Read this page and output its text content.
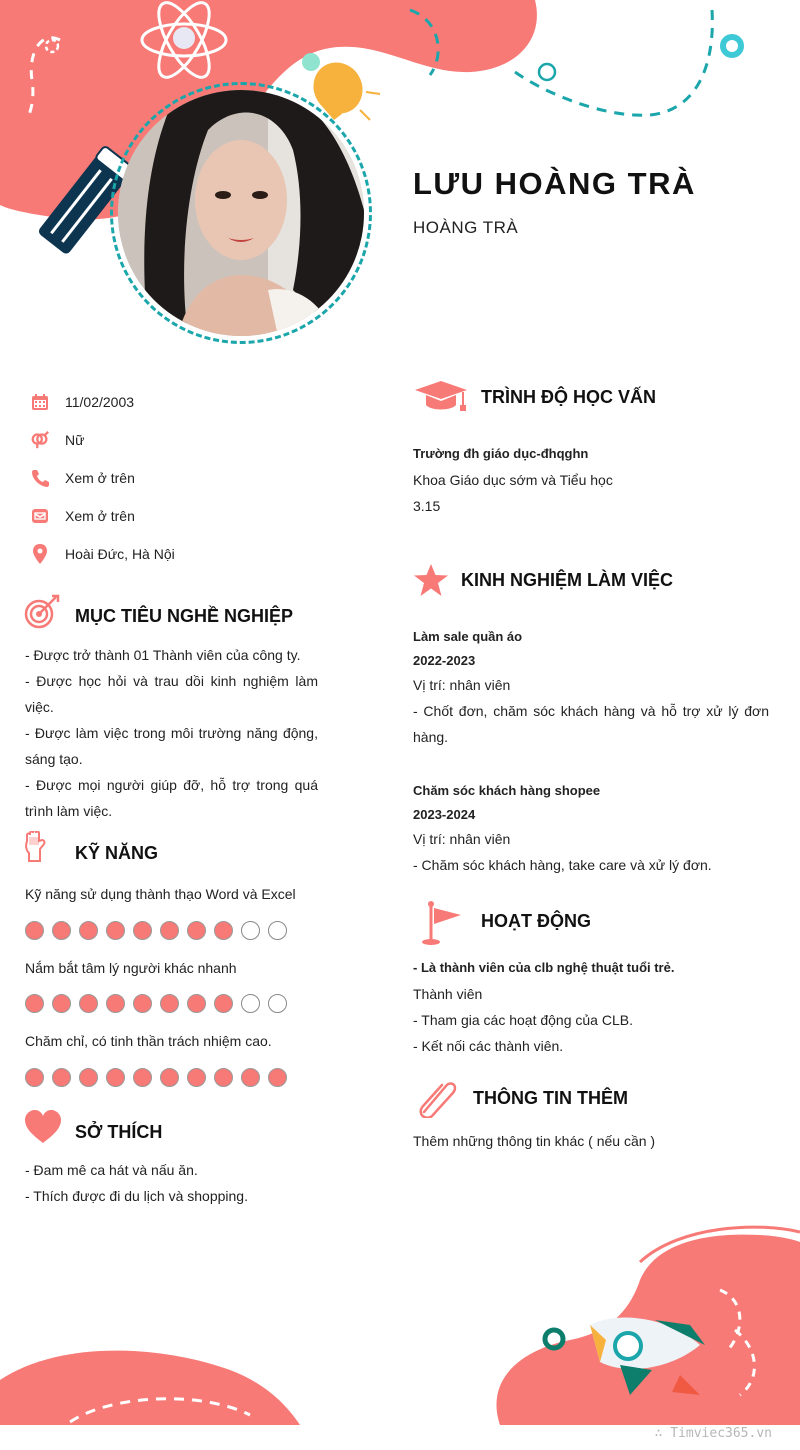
LƯU HOÀNG TRÀ
HOÀNG TRÀ
11/02/2003
Nữ
Xem ở trên
Xem ở trên
Hoài Đức, Hà Nội
MỤC TIÊU NGHỀ NGHIỆP
- Được trở thành 01 Thành viên của công ty.
- Được học hỏi và trau dồi kinh nghiệm làm việc.
- Được làm việc trong môi trường năng động, sáng tạo.
- Được mọi người giúp đỡ, hỗ trợ trong quá trình làm việc.
KỸ NĂNG
Kỹ năng sử dụng thành thạo Word và Excel
Nắm bắt tâm lý người khác nhanh
Chăm chỉ, có tinh thần trách nhiệm cao.
SỞ THÍCH
- Đam mê ca hát và nấu ăn.
- Thích được đi du lịch và shopping.
TRÌNH ĐỘ HỌC VẤN
Trường đh giáo dục-đhqghn
Khoa Giáo dục sớm và Tiểu học
3.15
KINH NGHIỆM LÀM VIỆC
Làm sale quần áo
2022-2023
Vị trí: nhân viên
- Chốt đơn, chăm sóc khách hàng và hỗ trợ xử lý đơn hàng.
Chăm sóc khách hàng shopee
2023-2024
Vị trí: nhân viên
- Chăm sóc khách hàng, take care và xử lý đơn.
HOẠT ĐỘNG
- Là thành viên của clb nghệ thuật tuổi trẻ.
Thành viên
- Tham gia các hoạt động của CLB.
- Kết nối các thành viên.
THÔNG TIN THÊM
Thêm những thông tin khác ( nếu cần )
∴ Timviec365.vn
